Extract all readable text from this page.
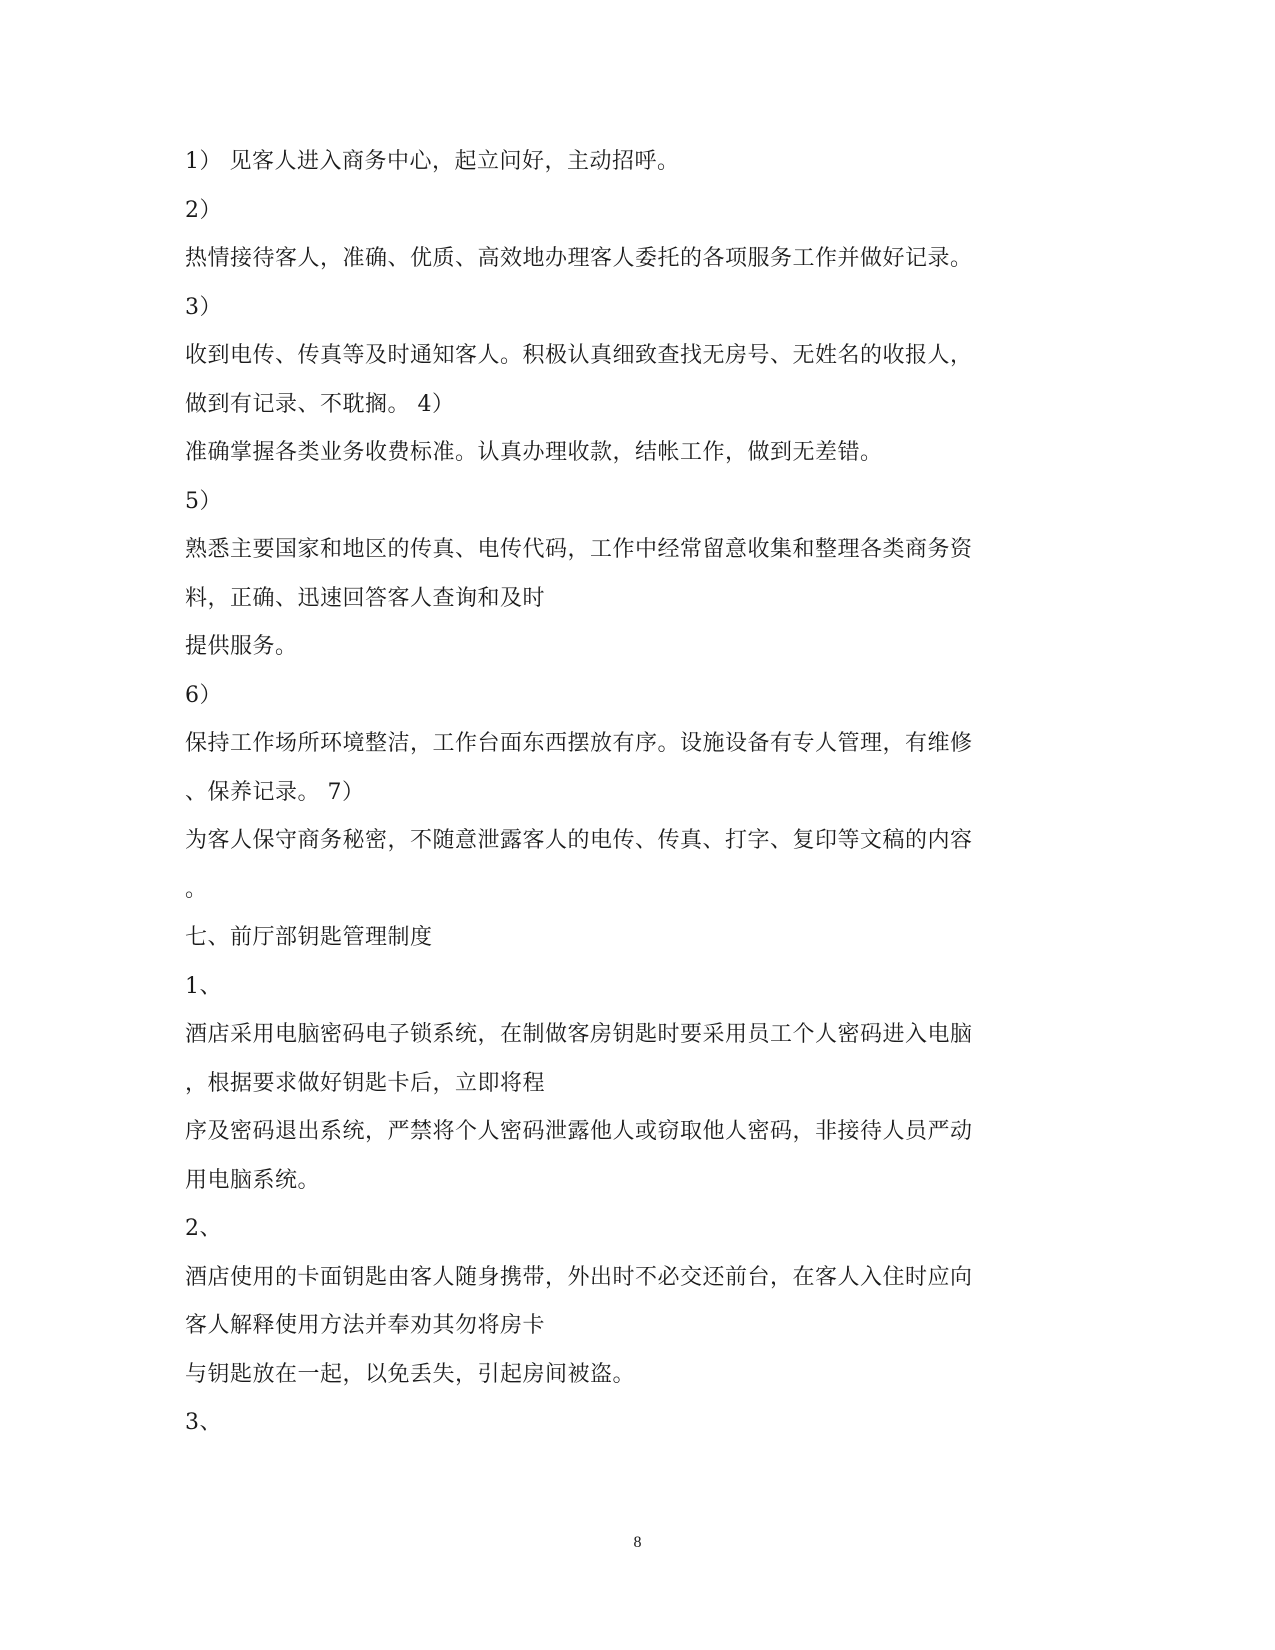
1） 见客人进入商务中心，起立问好，主动招呼。
2）
热情接待客人，准确、优质、高效地办理客人委托的各项服务工作并做好记录。
3）
收到电传、传真等及时通知客人。积极认真细致查找无房号、无姓名的收报人，
做到有记录、不耽搁。 4）
准确掌握各类业务收费标准。认真办理收款，结帐工作，做到无差错。
5）
熟悉主要国家和地区的传真、电传代码，工作中经常留意收集和整理各类商务资
料，正确、迅速回答客人查询和及时
提供服务。
6）
保持工作场所环境整洁，工作台面东西摆放有序。设施设备有专人管理，有维修
、保养记录。 7）
为客人保守商务秘密，不随意泄露客人的电传、传真、打字、复印等文稿的内容
。
七、前厅部钥匙管理制度
1、
酒店采用电脑密码电子锁系统，在制做客房钥匙时要采用员工个人密码进入电脑
，根据要求做好钥匙卡后，立即将程
序及密码退出系统，严禁将个人密码泄露他人或窃取他人密码，非接待人员严动
用电脑系统。
2、
酒店使用的卡面钥匙由客人随身携带，外出时不必交还前台，在客人入住时应向
客人解释使用方法并奉劝其勿将房卡
与钥匙放在一起，以免丢失，引起房间被盗。
3、
8
